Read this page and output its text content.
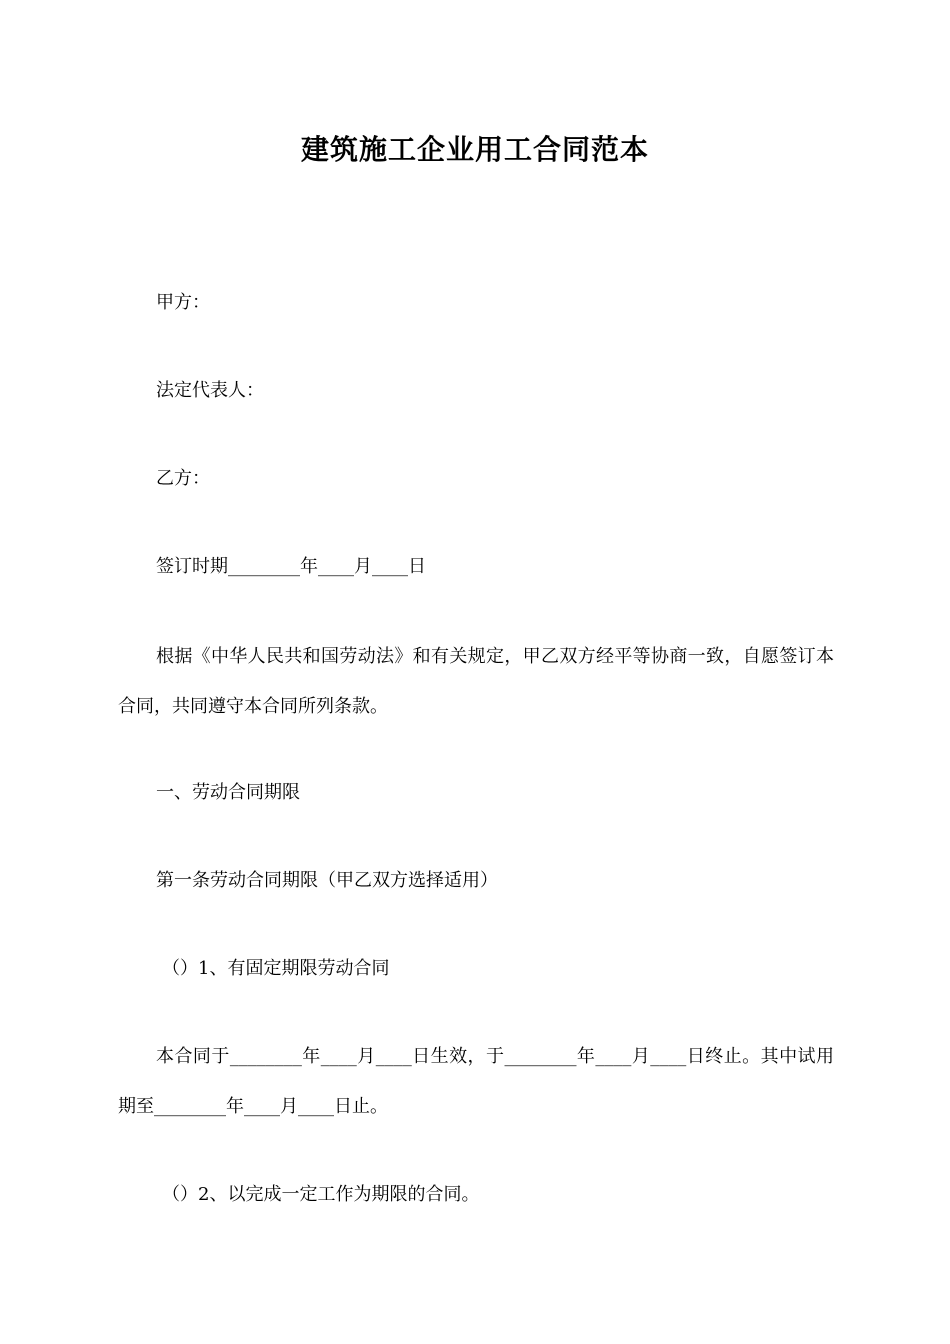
建筑施工企业用工合同范本
甲方：
法定代表人：
乙方：
签订时期________年____月____日
根据《中华人民共和国劳动法》和有关规定，甲乙双方经平等协商一致，自愿签订本合同，共同遵守本合同所列条款。
一、劳动合同期限
第一条劳动合同期限（甲乙双方选择适用）
（）1、有固定期限劳动合同
本合同于________年____月____日生效，于________年____月____日终止。其中试用期至________年____月____日止。
（）2、以完成一定工作为期限的合同。
